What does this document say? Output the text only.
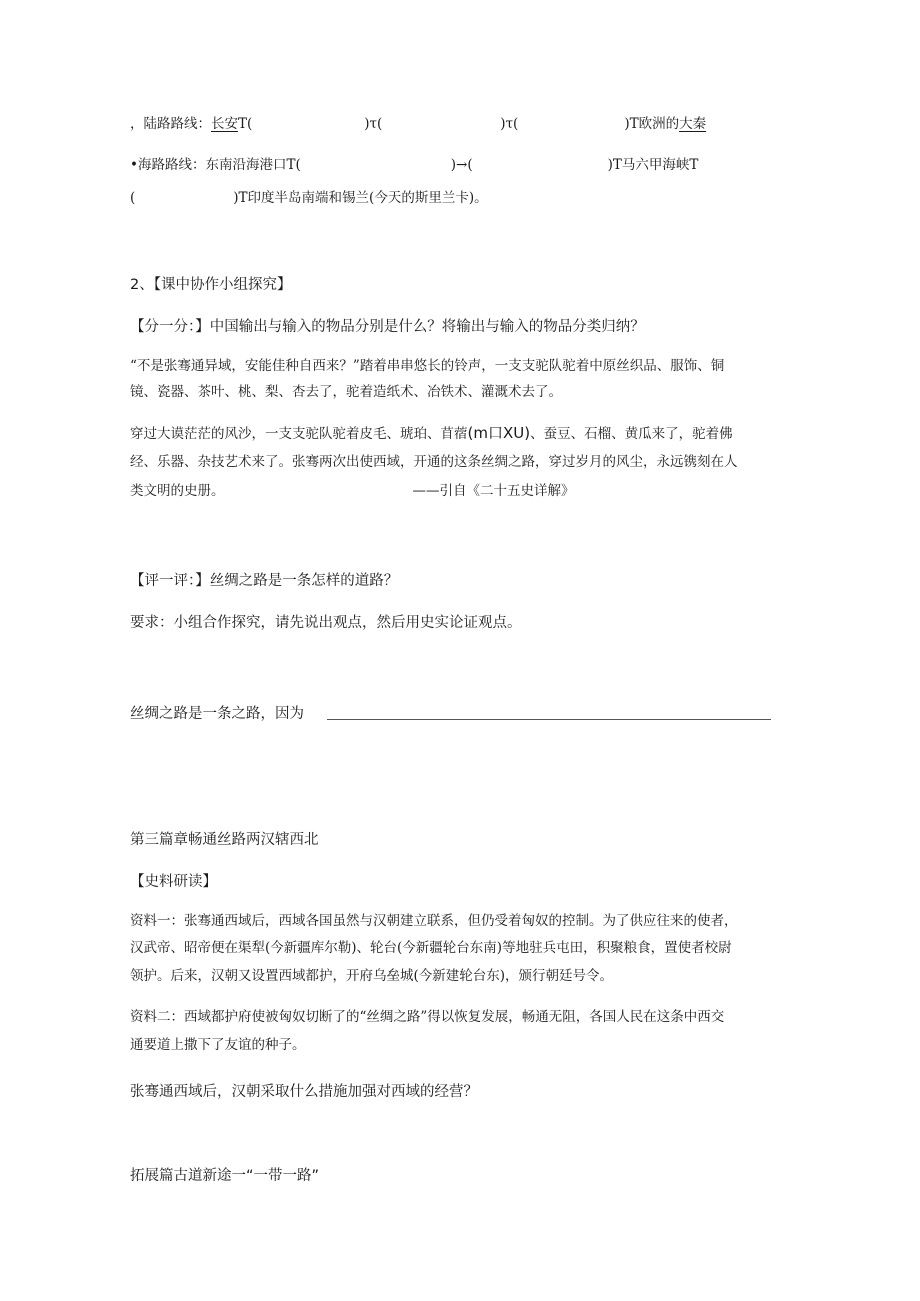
，陆路路线：长安T(	)τ(	)τ(	)T欧洲的大秦
•海路路线：东南沿海港口T(	)→(	)T马六甲海峡T
(	)T印度半岛南端和锡兰(今天的斯里兰卡)。
2、【课中协作小组探究】
【分一分：】中国输出与输入的物品分别是什么？将输出与输入的物品分类归纳？
“不是张骞通异域，安能佳种自西来？”踏着串串悠长的铃声，一支支驼队驼着中原丝织品、服饰、铜
镜、瓷器、茶叶、桃、梨、杏去了，驼着造纸术、冶铁术、灌溉术去了。
穿过大谟茫茫的风沙，一支支驼队驼着皮毛、琥珀、苜蓿(m口XU)、蚕豆、石榴、黄瓜来了，驼着佛
经、乐器、杂技艺术来了。张骞两次出使西域，开通的这条丝绸之路，穿过岁月的风尘，永远镌刻在人
类文明的史册。	——引自《二十五史详解》
【评一评：】丝绸之路是一条怎样的道路？
要求：小组合作探究，请先说出观点，然后用史实论证观点。
丝绸之路是一条之路，因为
第三篇章畅通丝路两汉辖西北
【史料研读】
资料一：张骞通西域后，西域各国虽然与汉朝建立联系，但仍受着匈奴的控制。为了供应往来的使者，
汉武帝、昭帝便在渠犁(今新疆库尔勒)、轮台(今新疆轮台东南)等地驻兵屯田，积聚粮食，置使者校尉
领护。后来，汉朝又设置西域都护，开府乌垒城(今新建轮台东)，颁行朝廷号令。
资料二：西域都护府使被匈奴切断了的“丝绸之路”得以恢复发展，畅通无阻，各国人民在这条中西交
通要道上撒下了友谊的种子。
张骞通西域后，汉朝采取什么措施加强对西域的经营？
拓展篇古道新途一“一带一路”
